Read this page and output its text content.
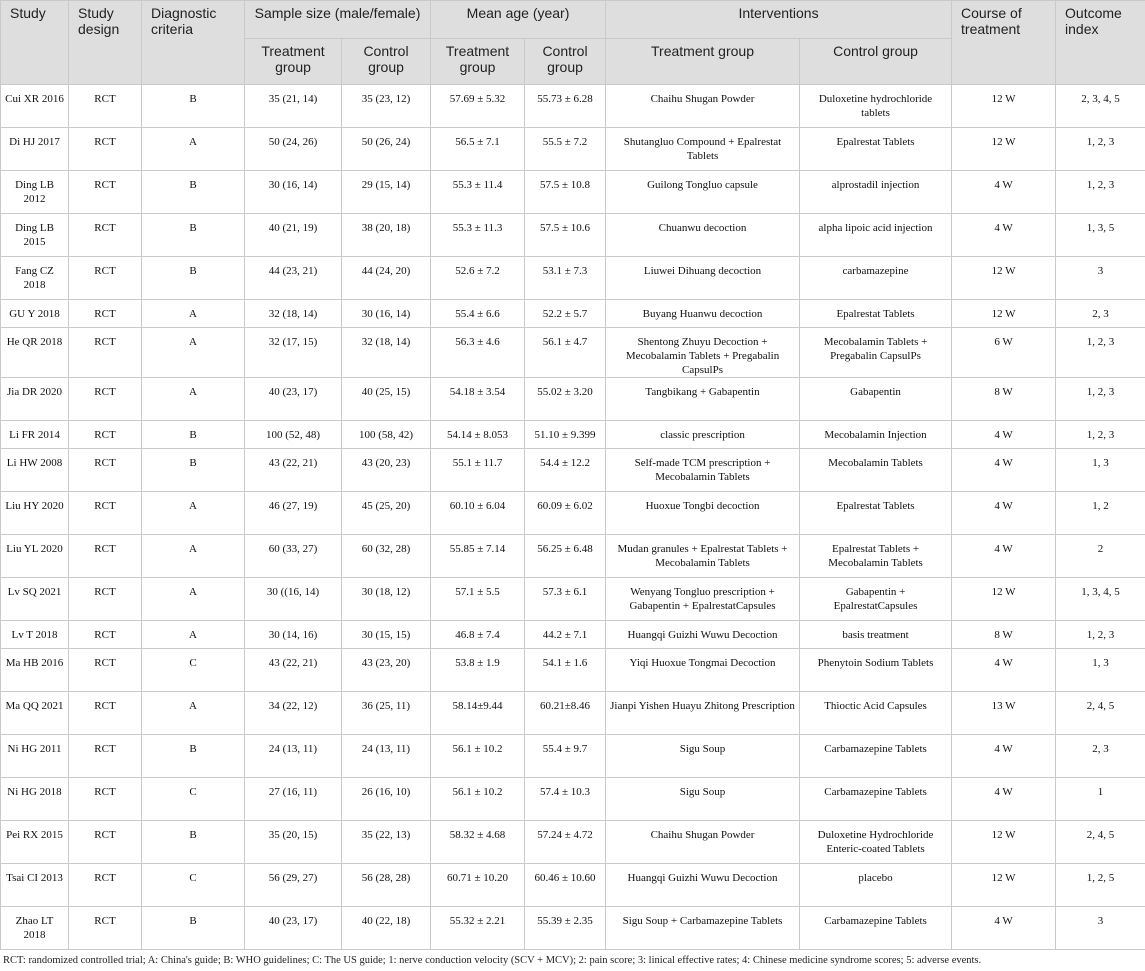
Study	Study design	Diagnostic criteria	Sample size (male/female)		Mean age (year)		Interventions		Course of treatment	Outcome index
			Treatment group	Control group	Treatment group	Control group	Treatment group	Control group		
Cui XR 2016	RCT	B	35 (21, 14)	35 (23, 12)	57.69 ± 5.32	55.73 ± 6.28	Chaihu Shugan Powder	Duloxetine hydrochloride tablets	12 W	2, 3, 4, 5
Di HJ 2017	RCT	A	50 (24, 26)	50 (26, 24)	56.5 ± 7.1	55.5 ± 7.2	Shutangluo Compound + Epalrestat Tablets	Epalrestat Tablets	12 W	1, 2, 3
Ding LB 2012	RCT	B	30 (16, 14)	29 (15, 14)	55.3 ± 11.4	57.5 ± 10.8	Guilong Tongluo capsule	alprostadil injection	4 W	1, 2, 3
Ding LB 2015	RCT	B	40 (21, 19)	38 (20, 18)	55.3 ± 11.3	57.5 ± 10.6	Chuanwu decoction	alpha lipoic acid injection	4 W	1, 3, 5
Fang CZ 2018	RCT	B	44 (23, 21)	44 (24, 20)	52.6 ± 7.2	53.1 ± 7.3	Liuwei Dihuang decoction	carbamazepine	12 W	3
GU Y 2018	RCT	A	32 (18, 14)	30 (16, 14)	55.4 ± 6.6	52.2 ± 5.7	Buyang Huanwu decoction	Epalrestat Tablets	12 W	2, 3
He QR 2018	RCT	A	32 (17, 15)	32 (18, 14)	56.3 ± 4.6	56.1 ± 4.7	Shentong Zhuyu Decoction + Mecobalamin Tablets + Pregabalin CapsulPs	Mecobalamin Tablets + Pregabalin CapsulPs	6 W	1, 2, 3
Jia DR 2020	RCT	A	40 (23, 17)	40 (25, 15)	54.18 ± 3.54	55.02 ± 3.20	Tangbikang + Gabapentin	Gabapentin	8 W	1, 2, 3
Li FR 2014	RCT	B	100 (52, 48)	100 (58, 42)	54.14 ± 8.053	51.10 ± 9.399	classic prescription	Mecobalamin Injection	4 W	1, 2, 3
Li HW 2008	RCT	B	43 (22, 21)	43 (20, 23)	55.1 ± 11.7	54.4 ± 12.2	Self-made TCM prescription + Mecobalamin Tablets	Mecobalamin Tablets	4 W	1, 3
Liu HY 2020	RCT	A	46 (27, 19)	45 (25, 20)	60.10 ± 6.04	60.09 ± 6.02	Huoxue Tongbi decoction	Epalrestat Tablets	4 W	1, 2
Liu YL 2020	RCT	A	60 (33, 27)	60 (32, 28)	55.85 ± 7.14	56.25 ± 6.48	Mudan granules + Epalrestat Tablets + Mecobalamin Tablets	Epalrestat Tablets + Mecobalamin Tablets	4 W	2
Lv SQ 2021	RCT	A	30 ((16, 14)	30 (18, 12)	57.1 ± 5.5	57.3 ± 6.1	Wenyang Tongluo prescription + Gabapentin + EpalrestatCapsules	Gabapentin + EpalrestatCapsules	12 W	1, 3, 4, 5
Lv T 2018	RCT	A	30 (14, 16)	30 (15, 15)	46.8 ± 7.4	44.2 ± 7.1	Huangqi Guizhi Wuwu Decoction	basis treatment	8 W	1, 2, 3
Ma HB 2016	RCT	C	43 (22, 21)	43 (23, 20)	53.8 ± 1.9	54.1 ± 1.6	Yiqi Huoxue Tongmai Decoction	Phenytoin Sodium Tablets	4 W	1, 3
Ma QQ 2021	RCT	A	34 (22, 12)	36 (25, 11)	58.14±9.44	60.21±8.46	Jianpi Yishen Huayu Zhitong Prescription	Thioctic Acid Capsules	13 W	2, 4, 5
Ni HG 2011	RCT	B	24 (13, 11)	24 (13, 11)	56.1 ± 10.2	55.4 ± 9.7	Sigu Soup	Carbamazepine Tablets	4 W	2, 3
Ni HG 2018	RCT	C	27 (16, 11)	26 (16, 10)	56.1 ± 10.2	57.4 ± 10.3	Sigu Soup	Carbamazepine Tablets	4 W	1
Pei RX 2015	RCT	B	35 (20, 15)	35 (22, 13)	58.32 ± 4.68	57.24 ± 4.72	Chaihu Shugan Powder	Duloxetine Hydrochloride Enteric-coated Tablets	12 W	2, 4, 5
Tsai CI 2013	RCT	C	56 (29, 27)	56 (28, 28)	60.71 ± 10.20	60.46 ± 10.60	Huangqi Guizhi Wuwu Decoction	placebo	12 W	1, 2, 5
Zhao LT 2018	RCT	B	40 (23, 17)	40 (22, 18)	55.32 ± 2.21	55.39 ± 2.35	Sigu Soup + Carbamazepine Tablets	Carbamazepine Tablets	4 W	3
RCT: randomized controlled trial; A: China's guide; B: WHO guidelines; C: The US guide; 1: nerve conduction velocity (SCV + MCV); 2: pain score; 3: linical effective rates; 4: Chinese medicine syndrome scores; 5: adverse events.
